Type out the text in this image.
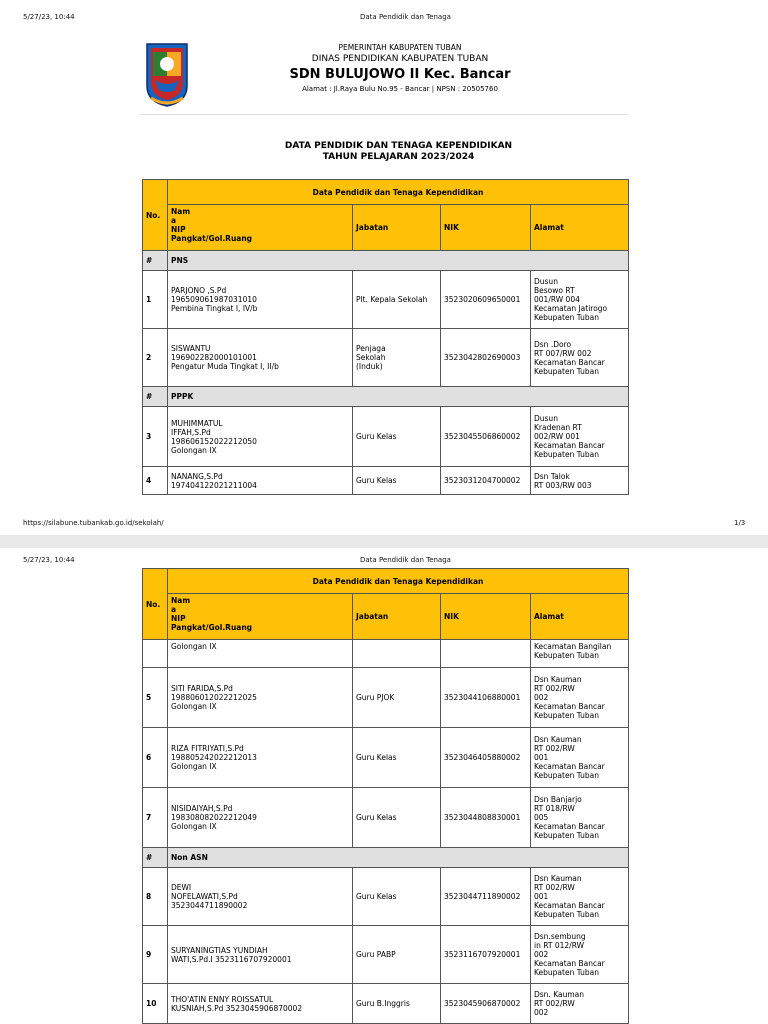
5/27/23, 10:44	Data Pendidik dan Tenaga
PEMERINTAH KABUPATEN TUBAN
DINAS PENDIDIKAN KABUPATEN TUBAN
SDN BULUJOWO II Kec. Bancar
Alamat : Jl.Raya Bulu No.95 - Bancar | NPSN : 20505760
DATA PENDIDIK DAN TENAGA KEPENDIDIKAN
TAHUN PELAJARAN 2023/2024
No.	Data Pendidik dan Tenaga Kependidikan			

	Nam
a
NIP
Pangkat/Gol.Ruang	Jabatan	NIK	Alamat
#	PNS			
1	PARJONO ,S.Pd
196509061987031010
Pembina Tingkat I, IV/b	Plt. Kepala Sekolah	3523020609650001	Dusun
Besowo RT
001/RW 004
Kecamatan Jatirogo
Kebupaten Tuban

2	SISWANTU
196902282000101001
Pengatur Muda Tingkat I, II/b	Penjaga
Sekolah
(Induk)	3523042802690003	Dsn .Doro
RT 007/RW 002
Kecamatan Bancar
Kebupaten Tuban

#	PPPK			
3	MUHIMMATUL
IFFAH,S.Pd
198606152022212050
Golongan IX	Guru Kelas	3523045506860002	Dusun
Kradenan RT
002/RW 001
Kecamatan Bancar
Kebupaten Tuban

4	NANANG,S.Pd
197404122021211004	Guru Kelas	3523031204700002	Dsn Talok
RT 003/RW 003
https://silabune.tubankab.go.id/sekolah/	1/3
5/27/23, 10:44	Data Pendidik dan Tenaga
No.	Data Pendidik dan Tenaga Kependidikan			

	Nam
a
NIP
Pangkat/Gol.Ruang	Jabatan	NIK	Alamat

	Golongan IX			Kecamatan Bangilan
Kebupaten Tuban

5	SITI FARIDA,S.Pd
198806012022212025
Golongan IX	Guru PJOK	3523044106880001	Dsn Kauman
RT 002/RW
002
Kecamatan Bancar
Kebupaten Tuban

6	RIZA FITRIYATI,S.Pd
198805242022212013
Golongan IX	Guru Kelas	3523046405880002	Dsn Kauman
RT 002/RW
001
Kecamatan Bancar
Kebupaten Tuban

7	NISIDAIYAH,S.Pd
198308082022212049
Golongan IX	Guru Kelas	3523044808830001	Dsn Banjarjo
RT 018/RW
005
Kecamatan Bancar
Kebupaten Tuban

#	Non ASN			
8	DEWI
NOFELAWATI,S.Pd
3523044711890002	Guru Kelas	3523044711890002	Dsn Kauman
RT 002/RW
001
Kecamatan Bancar
Kebupaten Tuban

9	SURYANINGTIAS YUNDIAH
WATI,S.Pd.I 3523116707920001	Guru PABP	3523116707920001	Dsn.sembung
in RT 012/RW
002
Kecamatan Bancar
Kebupaten Tuban

10	THO'ATIN ENNY ROISSATUL
KUSNIAH,S.Pd 3523045906870002	Guru B.Inggris	3523045906870002	Dsn. Kauman
RT 002/RW
002
